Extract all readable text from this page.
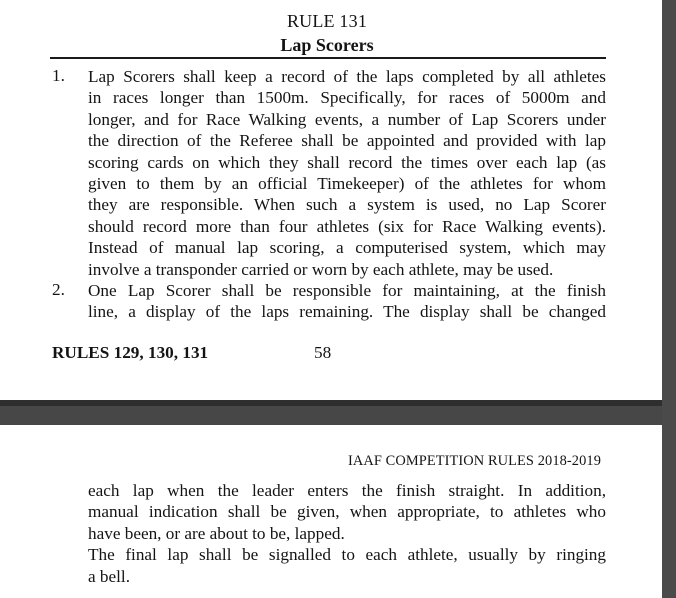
RULE 131
Lap Scorers
1. Lap Scorers shall keep a record of the laps completed by all athletes
in races longer than 1500m. Specifically, for races of 5000m and
longer, and for Race Walking events, a number of Lap Scorers under
the direction of the Referee shall be appointed and provided with lap
scoring cards on which they shall record the times over each lap (as
given to them by an official Timekeeper) of the athletes for whom
they are responsible. When such a system is used, no Lap Scorer
should record more than four athletes (six for Race Walking events).
Instead of manual lap scoring, a computerised system, which may
involve a transponder carried or worn by each athlete, may be used.
2. One Lap Scorer shall be responsible for maintaining, at the finish
line, a display of the laps remaining. The display shall be changed
RULES 129, 130, 131	58
IAAF COMPETITION RULES 2018-2019
each lap when the leader enters the finish straight. In addition,
manual indication shall be given, when appropriate, to athletes who
have been, or are about to be, lapped.
The final lap shall be signalled to each athlete, usually by ringing
a bell.
